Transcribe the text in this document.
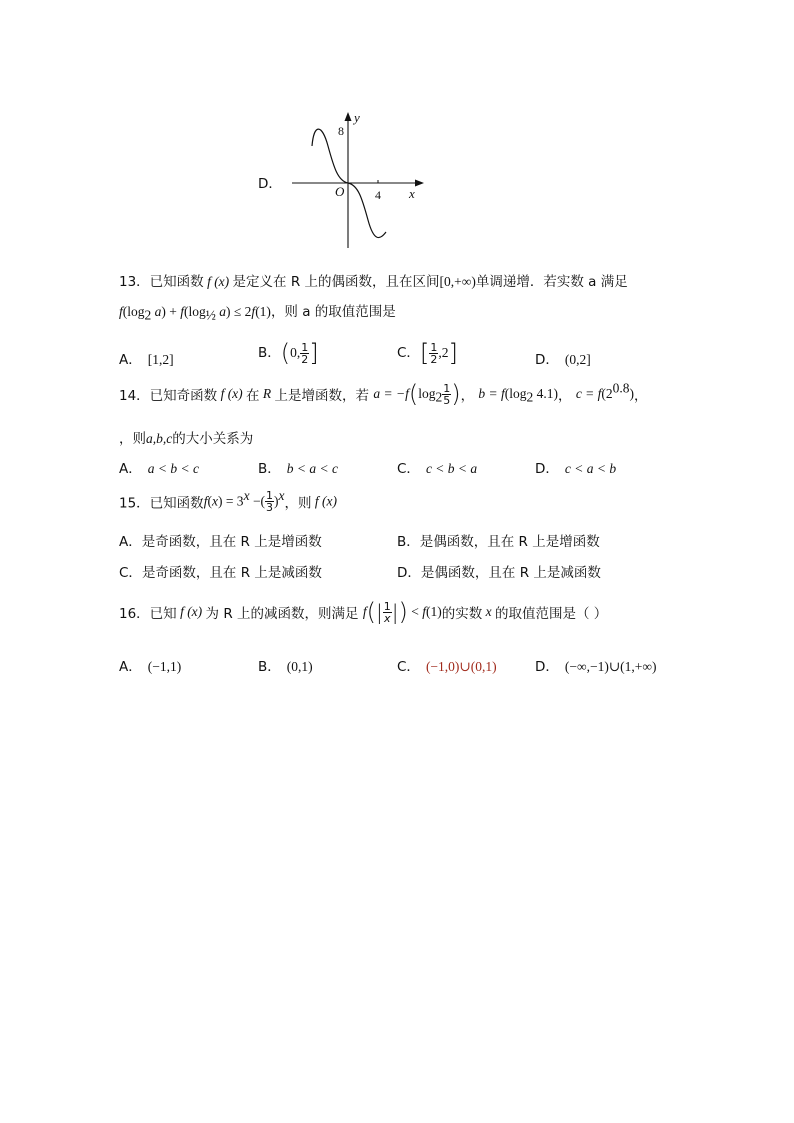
D．
y
x
O
8
4
13．已知函数 f (x) 是定义在 R 上的偶函数，且在区间[0,+∞)单调递增．若实数 a 满足
$f(\log_2$ $a) + f(\log_{\frac{1}{2}}$ a) ≤ 2f(1)，则 a 的取值范围是
A． [1,2]	B．(0, $\frac{1}{2}$ ]	C．[ $\frac{1}{2} ,2$]	D． (0,2]
14．已知奇函数 f (x) 在 R 上是增函数，若 $a = -f(\log_2 \frac{1}{5}$ )， $b = f(\log_2$ 4.1)， $c = f(2^{0.8})$，
，则a,b,c的大小关系为
A． a < b < c	B． b < a < c	C． c < b < a	D． c < a < b
15．已知函数$f(x) = 3^x$ −( $\frac{1}{3} )^x$，则 f (x)
A．是奇函数，且在 R 上是增函数	B．是偶函数，且在 R 上是增函数
C．是奇函数，且在 R 上是减函数	D．是偶函数，且在 R 上是减函数
16．已知 f (x) 为 R 上的减函数，则满足 $f(| \frac{1}{x}$ |) < f(1)的实数 x 的取值范围是（ ）
A． (−1,1)	B． (0,1)	C． (−1,0)∪(0,1)	D． (−∞,−1)∪(1,+∞)
